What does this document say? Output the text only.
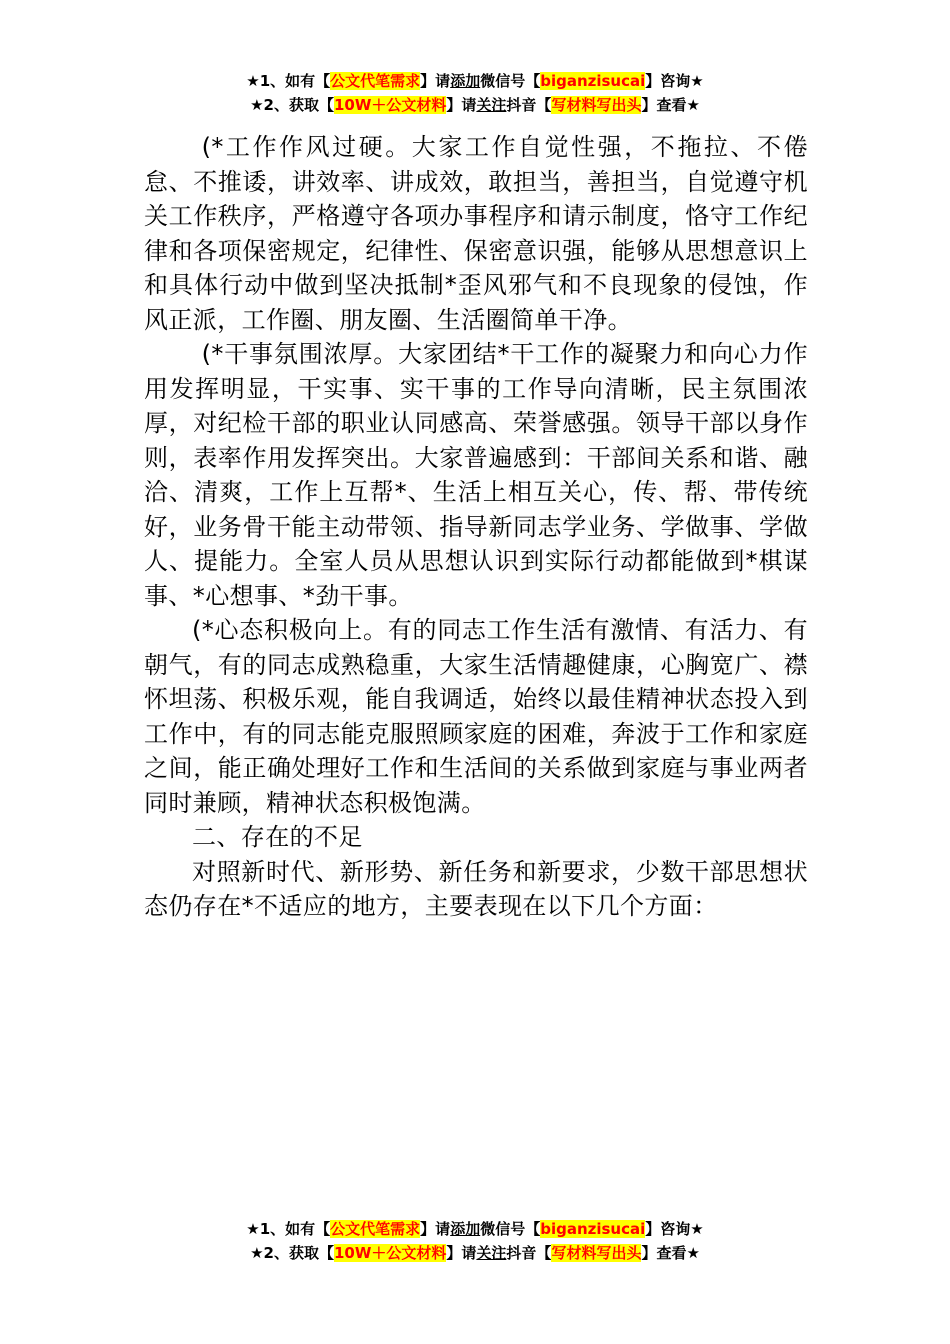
★1、如有【公文代笔需求】请添加微信号【biganzisucai】咨询★
★2、获取【10W＋公文材料】请关注抖音【写材料写出头】查看★

(*工作作风过硬。大家工作自觉性强，不拖拉、不倦怠、不推诿，讲效率、讲成效，敢担当，善担当，自觉遵守机关工作秩序，严格遵守各项办事程序和请示制度，恪守工作纪律和各项保密规定，纪律性、保密意识强，能够从思想意识上和具体行动中做到坚决抵制*歪风邪气和不良现象的侵蚀，作风正派，工作圈、朋友圈、生活圈简单干净。

(*干事氛围浓厚。大家团结*干工作的凝聚力和向心力作用发挥明显，干实事、实干事的工作导向清晰，民主氛围浓厚，对纪检干部的职业认同感高、荣誉感强。领导干部以身作则，表率作用发挥突出。大家普遍感到：干部间关系和谐、融洽、清爽，工作上互帮*、生活上相互关心，传、帮、带传统好，业务骨干能主动带领、指导新同志学业务、学做事、学做人、提能力。全室人员从思想认识到实际行动都能做到*棋谋事、*心想事、*劲干事。

(*心态积极向上。有的同志工作生活有激情、有活力、有朝气，有的同志成熟稳重，大家生活情趣健康，心胸宽广、襟怀坦荡、积极乐观，能自我调适，始终以最佳精神状态投入到工作中，有的同志能克服照顾家庭的困难，奔波于工作和家庭之间，能正确处理好工作和生活间的关系做到家庭与事业两者同时兼顾，精神状态积极饱满。

二、存在的不足

对照新时代、新形势、新任务和新要求，少数干部思想状态仍存在*不适应的地方，主要表现在以下几个方面：

★1、如有【公文代笔需求】请添加微信号【biganzisucai】咨询★
★2、获取【10W＋公文材料】请关注抖音【写材料写出头】查看★
